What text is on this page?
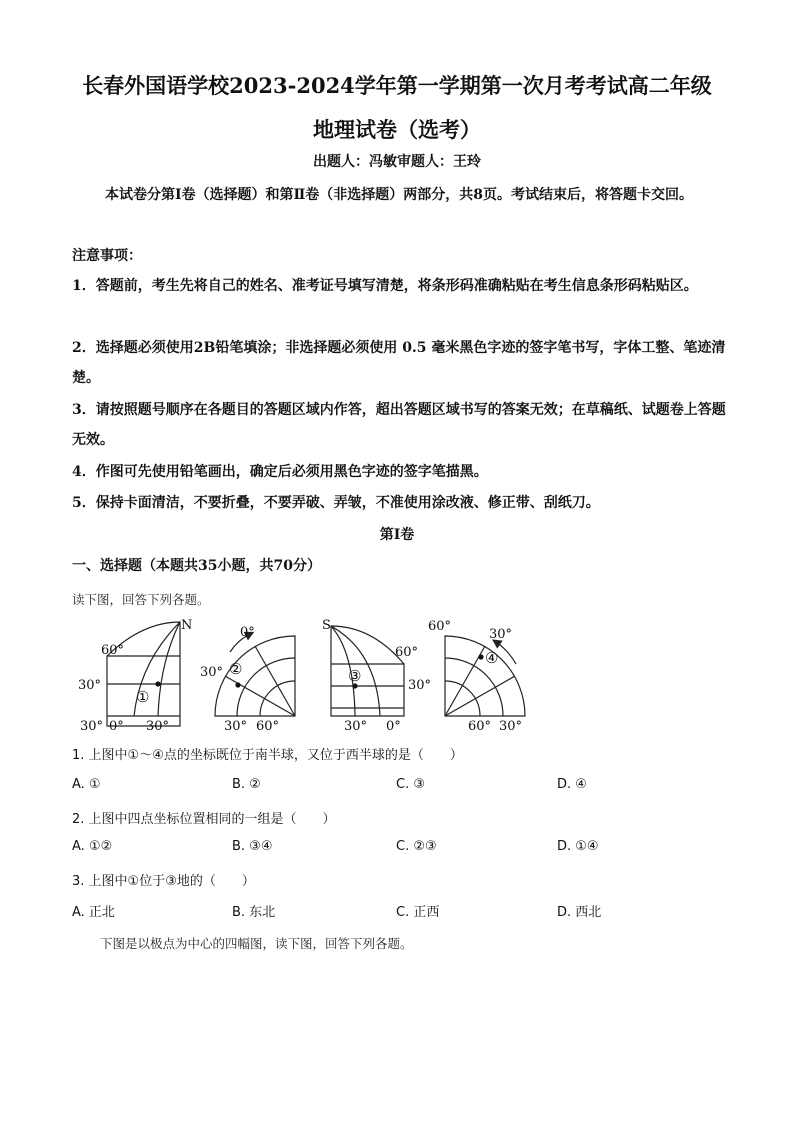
长春外国语学校2023-2024学年第一学期第一次月考考试高二年级
地理试卷（选考）
出题人：冯敏审题人：王玲
本试卷分第Ⅰ卷（选择题）和第Ⅱ卷（非选择题）两部分，共8页。考试结束后，将答题卡交回。
注意事项：
1．答题前，考生先将自己的姓名、准考证号填写清楚，将条形码准确粘贴在考生信息条形码粘贴区。
2．选择题必须使用2B铅笔填涂；非选择题必须使用 0.5 毫米黑色字迹的签字笔书写，字体工整、笔迹清楚。
3．请按照题号顺序在各题目的答题区域内作答，超出答题区域书写的答案无效；在草稿纸、试题卷上答题无效。
4．作图可先使用铅笔画出，确定后必须用黑色字迹的签字笔描黑。
5．保持卡面清洁，不要折叠，不要弄破、弄皱，不准使用涂改液、修正带、刮纸刀。
第Ⅰ卷
一、选择题（本题共35小题，共70分）
读下图，回答下列各题。
N
60°
30°
30° 0° 30°
①
0°
30°
30° 60°
②
S
60°
30°
30° 0°
③
60°
30°
60° 30°
④
1. 上图中①～④点的坐标既位于南半球，又位于西半球的是（　　）
A. ①	B. ②	C. ③	D. ④
2. 上图中四点坐标位置相同的一组是（　　）
A. ①②	B. ③④	C. ②③	D. ①④
3. 上图中①位于③地的（　　）
A. 正北	B. 东北	C. 正西	D. 西北
下图是以极点为中心的四幅图，读下图，回答下列各题。
